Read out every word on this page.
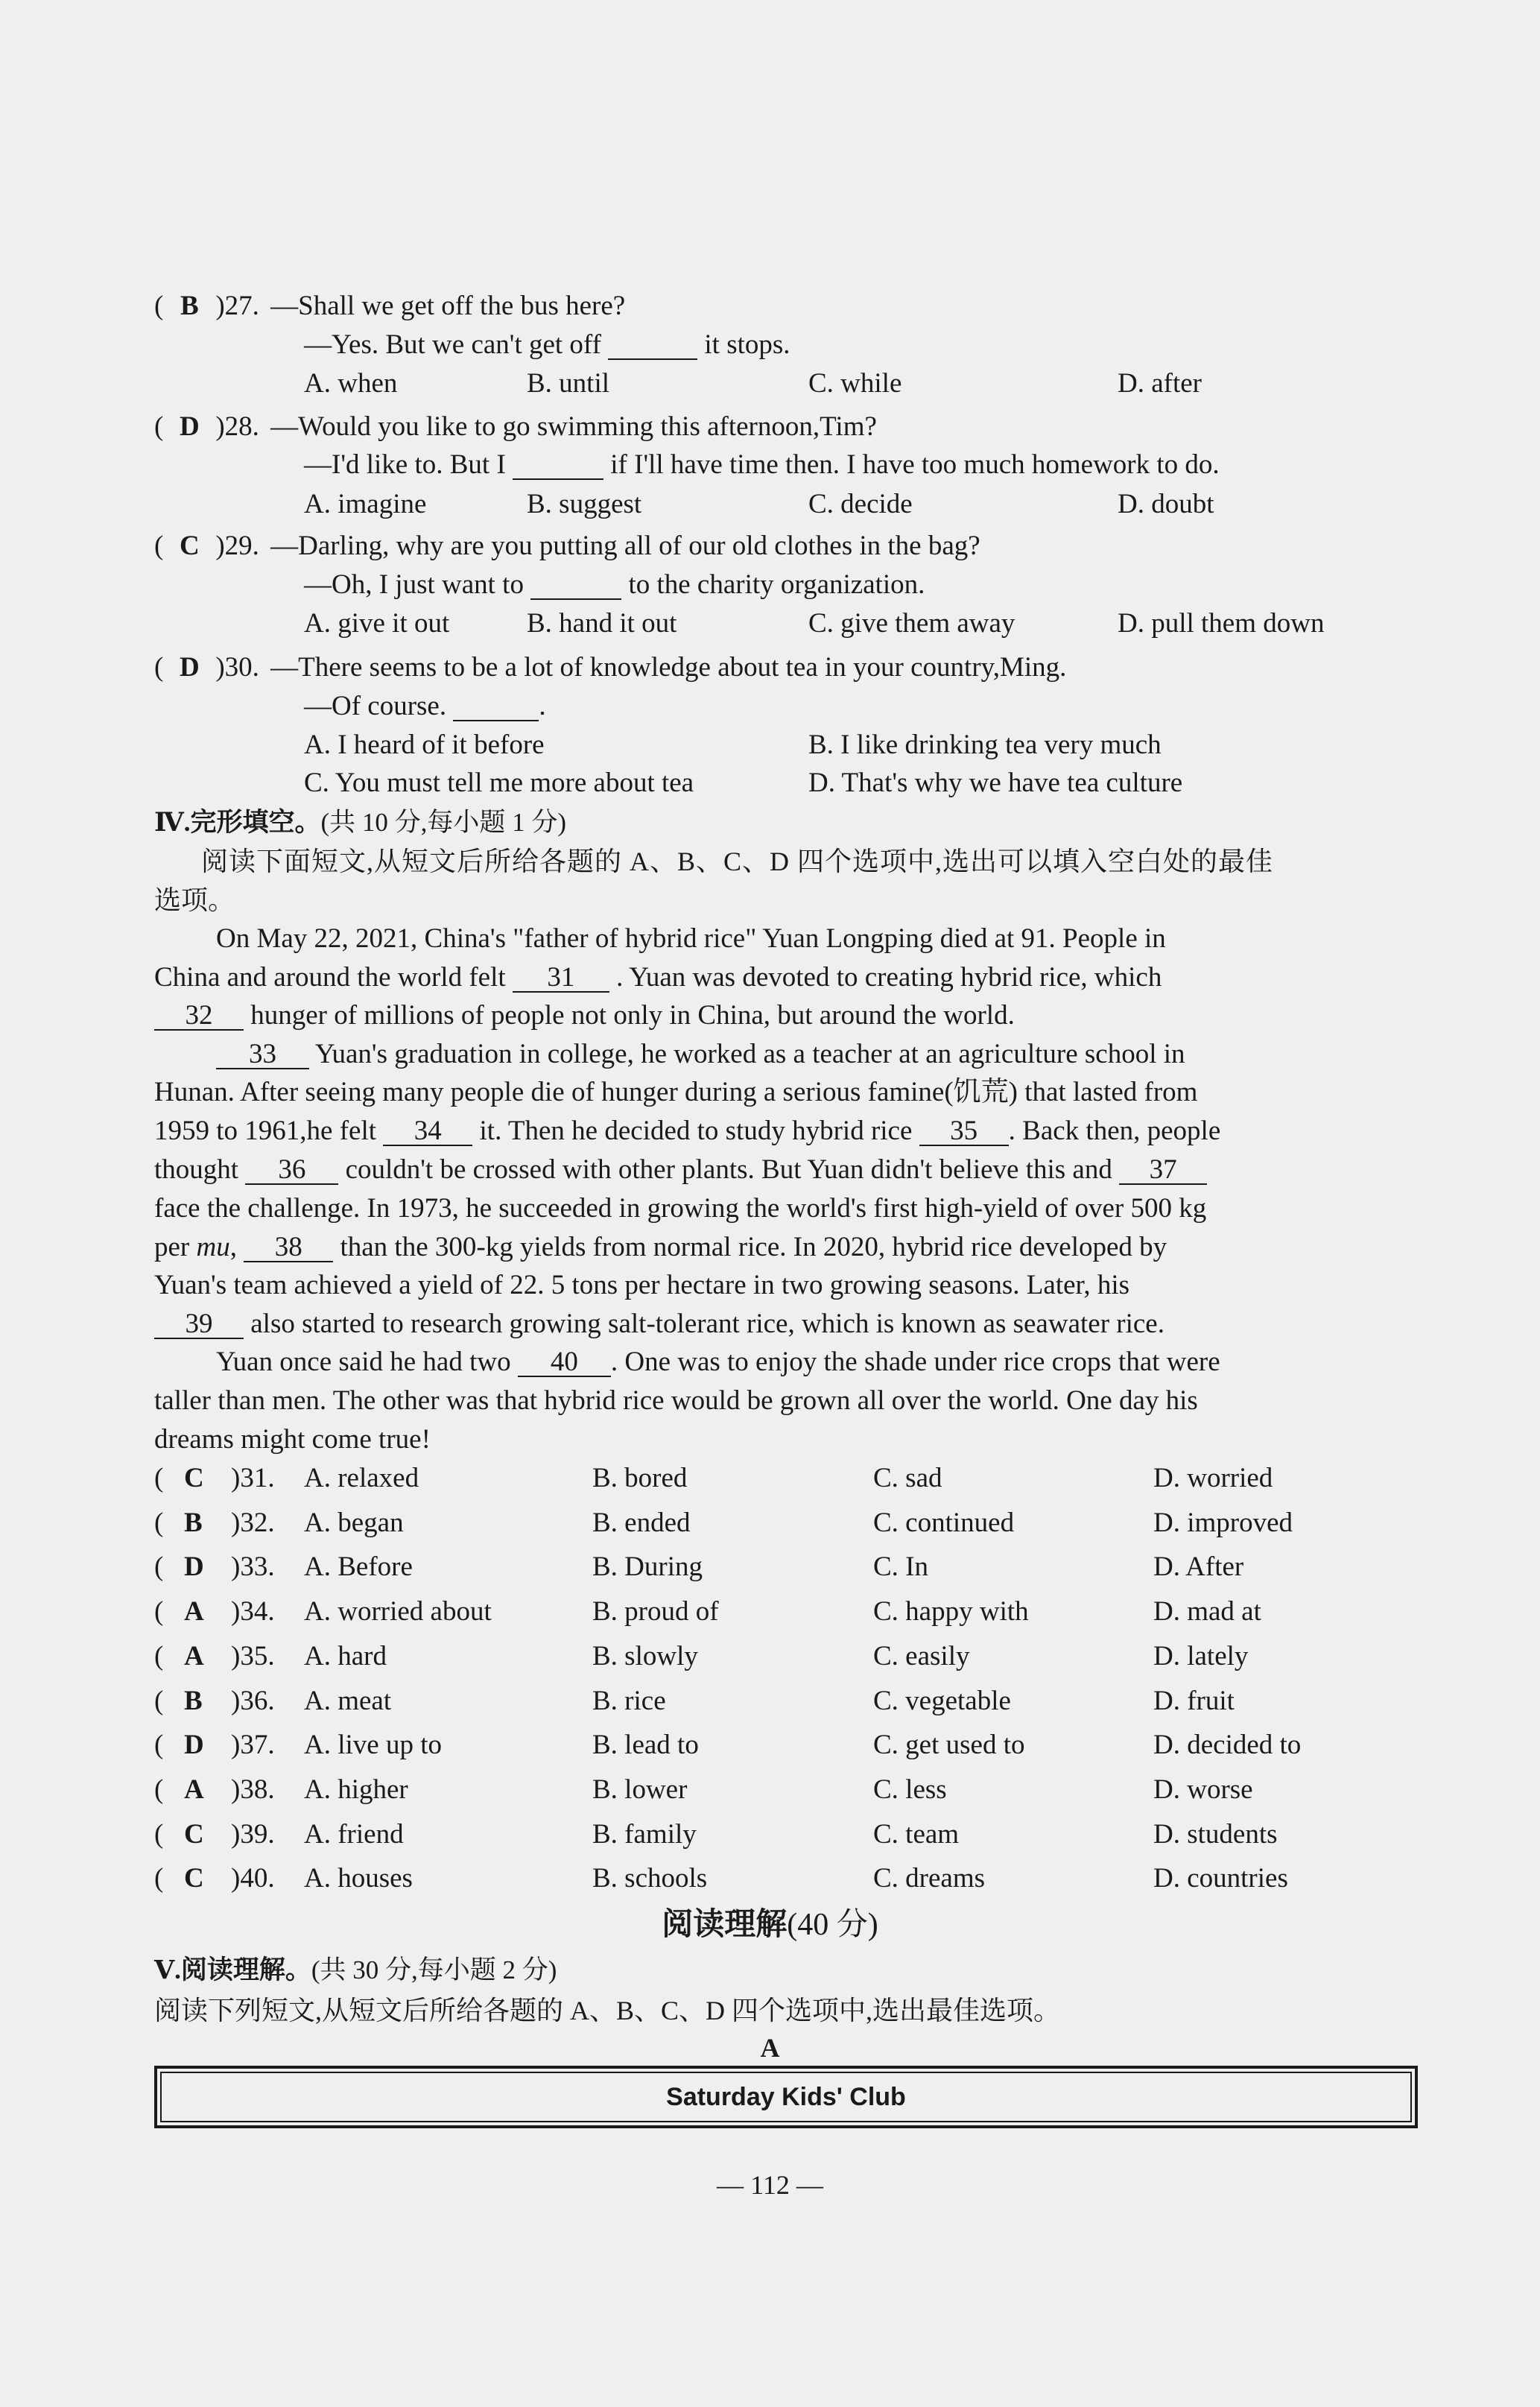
( B )27. —Shall we get off the bus here?
—Yes. But we can't get off	it stops.
A. when	B. until	C. while	D. after
( D )28. —Would you like to go swimming this afternoon,Tim?
—I'd like to. But I	if I'll have time then. I have too much homework to do.
A. imagine	B. suggest	C. decide	D. doubt
( C )29. —Darling, why are you putting all of our old clothes in the bag?
—Oh, I just want to	to the charity organization.
A. give it out	B. hand it out	C. give them away	D. pull them down
( D )30. —There seems to be a lot of knowledge about tea in your country,Ming.
—Of course.	.
A. I heard of it before	B. I like drinking tea very much
C. You must tell me more about tea	D. That's why we have tea culture
Ⅳ.完形填空。(共 10 分,每小题 1 分)
阅读下面短文,从短文后所给各题的 A、B、C、D 四个选项中,选出可以填入空白处的最佳
选项。
On May 22, 2021, China's "father of hybrid rice" Yuan Longping died at 91. People in
China and around the world felt 31 . Yuan was devoted to creating hybrid rice, which
32 hunger of millions of people not only in China, but around the world.
33 Yuan's graduation in college, he worked as a teacher at an agriculture school in
Hunan. After seeing many people die of hunger during a serious famine(饥荒) that lasted from
1959 to 1961,he felt 34 it. Then he decided to study hybrid rice 35 . Back then, people
thought 36 couldn't be crossed with other plants. But Yuan didn't believe this and 37
face the challenge. In 1973, he succeeded in growing the world's first high-yield of over 500 kg
per mu, 38 than the 300-kg yields from normal rice. In 2020, hybrid rice developed by
Yuan's team achieved a yield of 22. 5 tons per hectare in two growing seasons. Later, his
39 also started to research growing salt-tolerant rice, which is known as seawater rice.
Yuan once said he had two 40 . One was to enjoy the shade under rice crops that were
taller than men. The other was that hybrid rice would be grown all over the world. One day his
dreams might come true!
( C )31. A. relaxed	B. bored	C. sad	D. worried
( B )32. A. began	B. ended	C. continued	D. improved
( D )33. A. Before	B. During	C. In	D. After
( A )34. A. worried about	B. proud of	C. happy with	D. mad at
( A )35. A. hard	B. slowly	C. easily	D. lately
( B )36. A. meat	B. rice	C. vegetable	D. fruit
( D )37. A. live up to	B. lead to	C. get used to	D. decided to
( A )38. A. higher	B. lower	C. less	D. worse
( C )39. A. friend	B. family	C. team	D. students
( C )40. A. houses	B. schools	C. dreams	D. countries
阅读理解(40 分)
Ⅴ.阅读理解。(共 30 分,每小题 2 分)
阅读下列短文,从短文后所给各题的 A、B、C、D 四个选项中,选出最佳选项。
A
Saturday Kids' Club
— 112 —
